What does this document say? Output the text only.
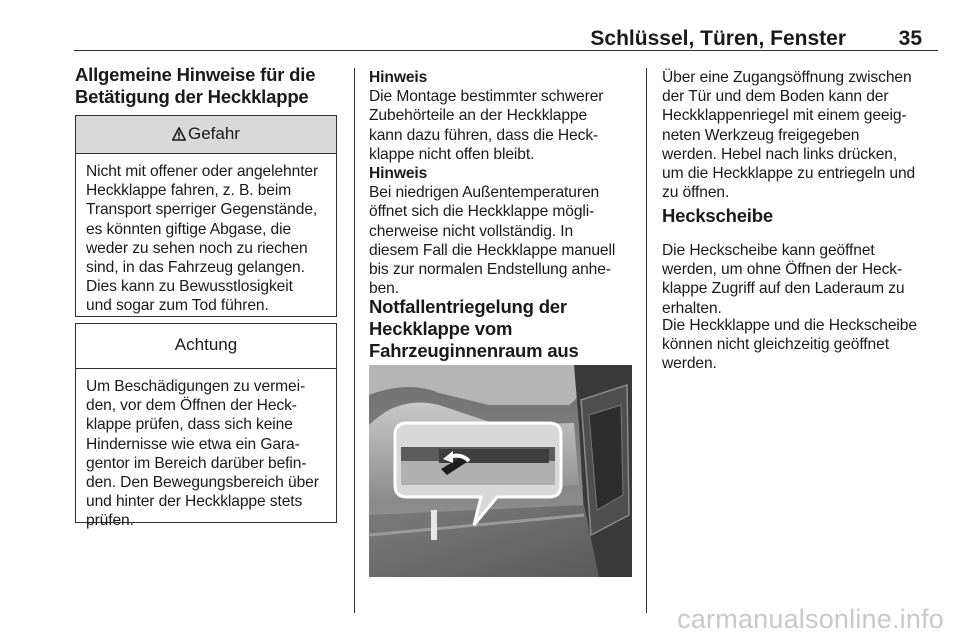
Schlüssel, Türen, Fenster	35
Allgemeine Hinweise für die
Betätigung der Heckklappe
Gefahr
Nicht mit offener oder angelehnter
Heckklappe fahren, z. B. beim
Transport sperriger Gegenstände,
es könnten giftige Abgase, die
weder zu sehen noch zu riechen
sind, in das Fahrzeug gelangen.
Dies kann zu Bewusstlosigkeit
und sogar zum Tod führen.
Achtung
Um Beschädigungen zu vermei-
den, vor dem Öffnen der Heck-
klappe prüfen, dass sich keine
Hindernisse wie etwa ein Gara-
gentor im Bereich darüber befin-
den. Den Bewegungsbereich über
und hinter der Heckklappe stets
prüfen.
Hinweis
Die Montage bestimmter schwerer
Zubehörteile an der Heckklappe
kann dazu führen, dass die Heck-
klappe nicht offen bleibt.
Hinweis
Bei niedrigen Außentemperaturen
öffnet sich die Heckklappe mögli-
cherweise nicht vollständig. In
diesem Fall die Heckklappe manuell
bis zur normalen Endstellung anhe-
ben.
Notfallentriegelung der
Heckklappe vom
Fahrzeuginnenraum aus
Über eine Zugangsöffnung zwischen
der Tür und dem Boden kann der
Heckklappenriegel mit einem geeig-
neten Werkzeug freigegeben
werden. Hebel nach links drücken,
um die Heckklappe zu entriegeln und
zu öffnen.
Heckscheibe
Die Heckscheibe kann geöffnet
werden, um ohne Öffnen der Heck-
klappe Zugriff auf den Laderaum zu
erhalten.
Die Heckklappe und die Heckscheibe
können nicht gleichzeitig geöffnet
werden.
carmanualsonline.info
